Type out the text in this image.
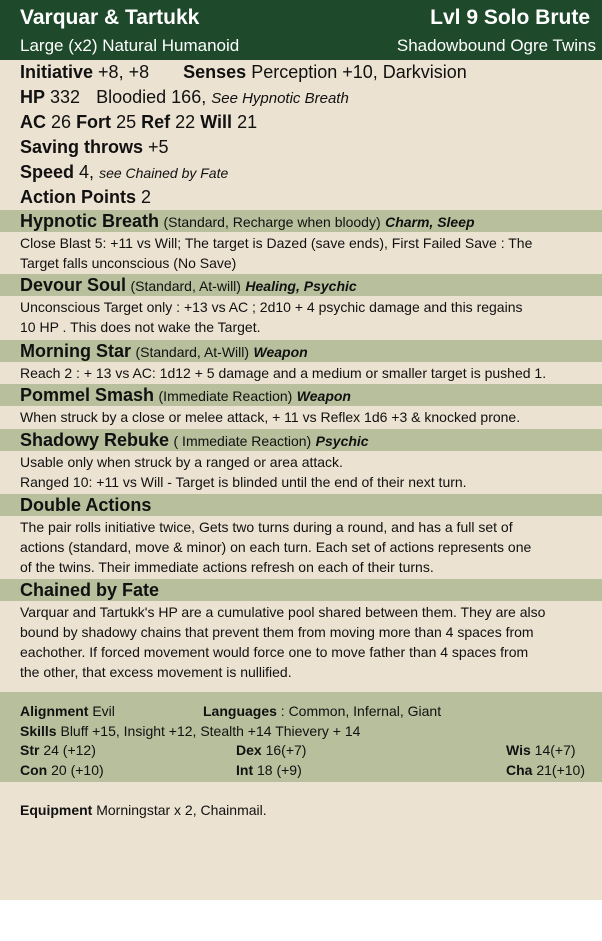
Varquar & Tartukk	Lvl 9 Solo Brute
Large (x2) Natural Humanoid	Shadowbound Ogre Twins
Initiative +8, +8 Senses Perception +10, Darkvision
HP 332 Bloodied 166, See Hypnotic Breath
AC 26 Fort 25 Ref 22 Will 21
Saving throws +5
Speed 4, see Chained by Fate
Action Points 2
Hypnotic Breath (Standard, Recharge when bloody) Charm, Sleep
Close Blast 5: +11 vs Will; The target is Dazed (save ends), First Failed Save : The
Target falls unconscious (No Save)
Devour Soul (Standard, At-will) Healing, Psychic
Unconscious Target only : +13 vs AC ; 2d10 + 4 psychic damage and this regains
10 HP . This does not wake the Target.
Morning Star (Standard, At-Will) Weapon
Reach 2 : + 13 vs AC: 1d12 + 5 damage and a medium or smaller target is pushed 1.
Pommel Smash (Immediate Reaction) Weapon
When struck by a close or melee attack, + 11 vs Reflex 1d6 +3 & knocked prone.
Shadowy Rebuke ( Immediate Reaction) Psychic
Usable only when struck by a ranged or area attack.
Ranged 10: +11 vs Will - Target is blinded until the end of their next turn.
Double Actions
The pair rolls initiative twice, Gets two turns during a round, and has a full set of
actions (standard, move & minor) on each turn. Each set of actions represents one
of the twins. Their immediate actions refresh on each of their turns.
Chained by Fate
Varquar and Tartukk's HP are a cumulative pool shared between them. They are also
bound by shadowy chains that prevent them from moving more than 4 spaces from
eachother. If forced movement would force one to move father than 4 spaces from
the other, that excess movement is nullified.
Alignment Evil	Languages : Common, Infernal, Giant
Skills Bluff +15, Insight +12, Stealth +14 Thievery + 14
Str 24 (+12)	Dex 16(+7)	Wis 14(+7)
Con 20 (+10)	Int 18 (+9)	Cha 21(+10)
Equipment Morningstar x 2, Chainmail.
